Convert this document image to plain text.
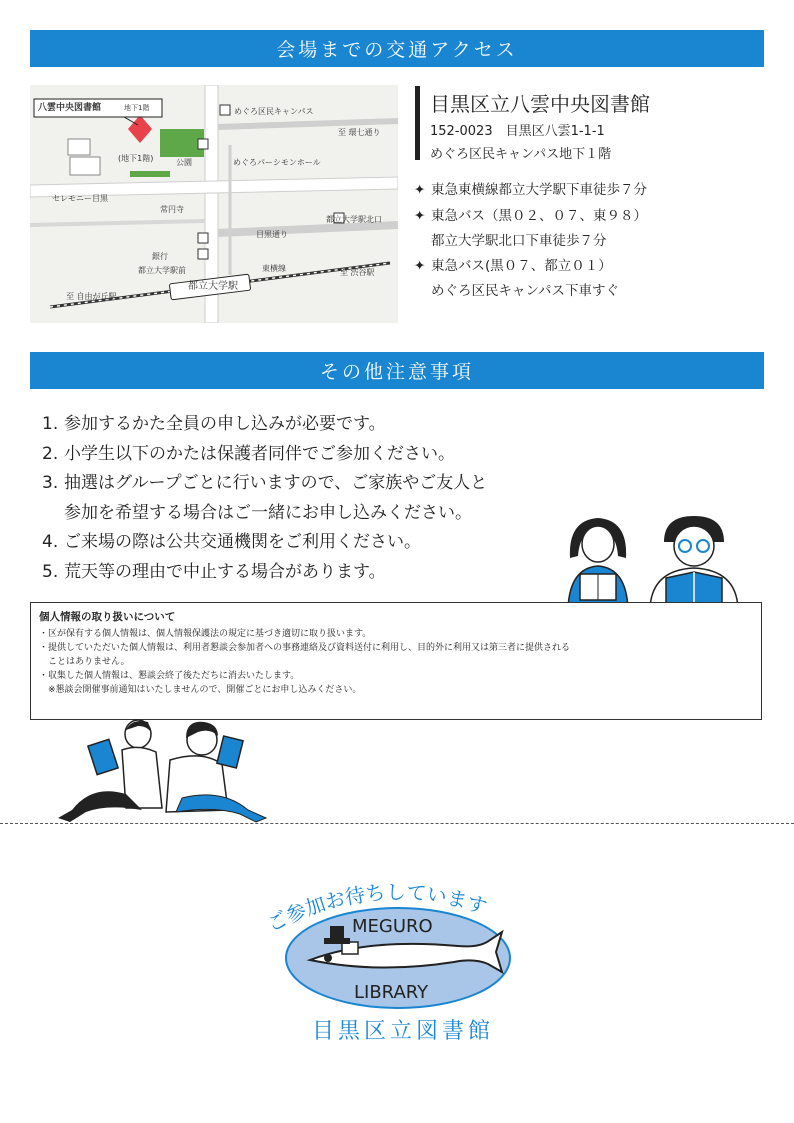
会場までの交通アクセス
八雲中央図書館	地下1階
(地下1階)
めぐろ区民キャンパス
至 環七通り
公園	めぐろパーシモンホール
セレモニー目黒
常円寺
都立大学駅北口
目黒通り
銀行
都立大学駅前	東横線	至 渋谷駅
至 自由が丘駅
都立大学駅
目黒区立八雲中央図書館
152-0023　目黒区八雲1-1-1
めぐろ区民キャンパス地下１階
✦ 東急東横線都立大学駅下車徒歩７分
✦ 東急バス（黒０２、０７、東９８）
都立大学駅北口下車徒歩７分
✦ 東急バス(黒０７、都立０１）
めぐろ区民キャンパス下車すぐ
その他注意事項
1. 参加するかた全員の申し込みが必要です。
2. 小学生以下のかたは保護者同伴でご参加ください。
3. 抽選はグループごとに行いますので、ご家族やご友人と
参加を希望する場合はご一緒にお申し込みください。
4. ご来場の際は公共交通機関をご利用ください。
5. 荒天等の理由で中止する場合があります。
個人情報の取り扱いについて
・区が保有する個人情報は、個人情報保護法の規定に基づき適切に取り扱います。
・提供していただいた個人情報は、利用者懇談会参加者への事務連絡及び資料送付に利用し、目的外に利用又は第三者に提供される
　ことはありません。
・収集した個人情報は、懇談会終了後ただちに消去いたします。
　※懇談会開催事前通知はいたしませんので、開催ごとにお申し込みください。
ご参加お待ちしています
MEGURO
LIBRARY
目黒区立図書館
